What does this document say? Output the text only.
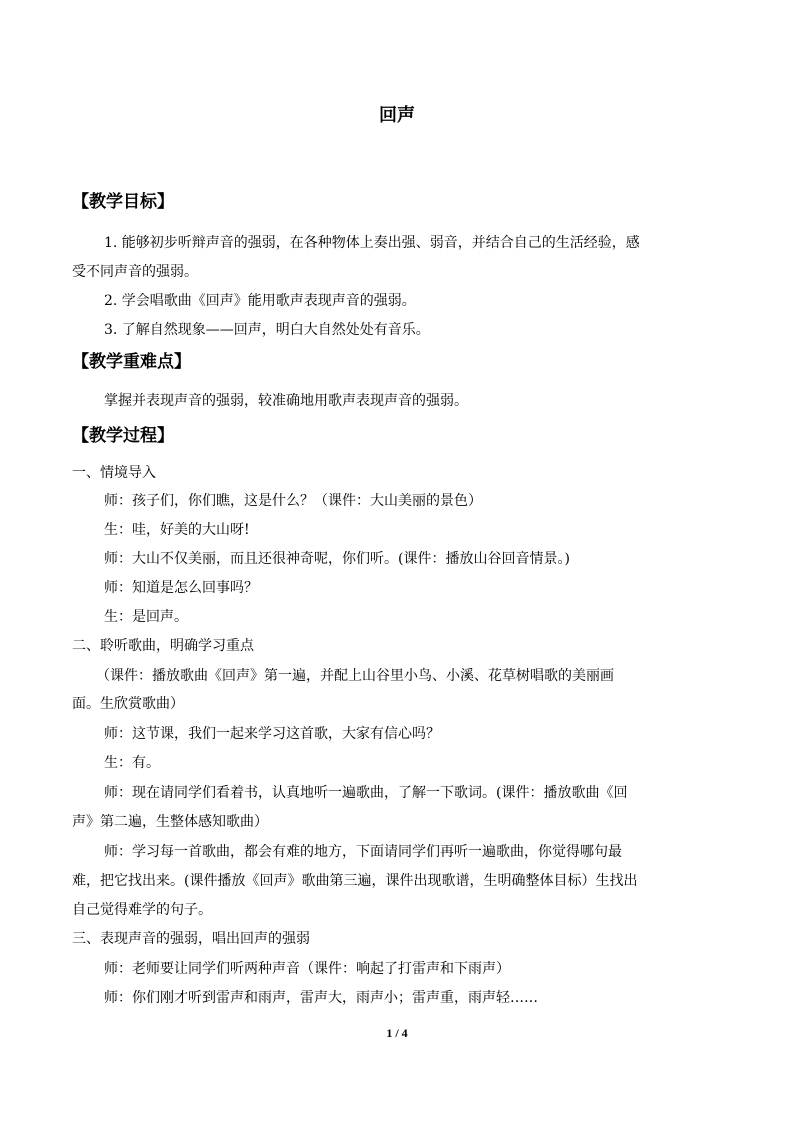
回声
【教学目标】
1. 能够初步听辩声音的强弱，在各种物体上奏出强、弱音，并结合自己的生活经验，感
受不同声音的强弱。
2. 学会唱歌曲《回声》能用歌声表现声音的强弱。
3. 了解自然现象——回声，明白大自然处处有音乐。
【教学重难点】
掌握并表现声音的强弱，较准确地用歌声表现声音的强弱。
【教学过程】
一、情境导入
师：孩子们，你们瞧，这是什么？（课件：大山美丽的景色）
生：哇，好美的大山呀!
师：大山不仅美丽，而且还很神奇呢，你们听。(课件：播放山谷回音情景。)
师：知道是怎么回事吗？
生：是回声。
二、聆听歌曲，明确学习重点
（课件：播放歌曲《回声》第一遍，并配上山谷里小鸟、小溪、花草树唱歌的美丽画
面。生欣赏歌曲）
师：这节课，我们一起来学习这首歌，大家有信心吗？
生：有。
师：现在请同学们看着书，认真地听一遍歌曲，了解一下歌词。(课件：播放歌曲《回
声》第二遍，生整体感知歌曲）
师：学习每一首歌曲，都会有难的地方，下面请同学们再听一遍歌曲，你觉得哪句最
难，把它找出来。(课件播放《回声》歌曲第三遍，课件出现歌谱，生明确整体目标）生找出
自己觉得难学的句子。
三、表现声音的强弱，唱出回声的强弱
师：老师要让同学们听两种声音（课件：响起了打雷声和下雨声）
师：你们刚才听到雷声和雨声，雷声大，雨声小；雷声重，雨声轻……
1 / 4
